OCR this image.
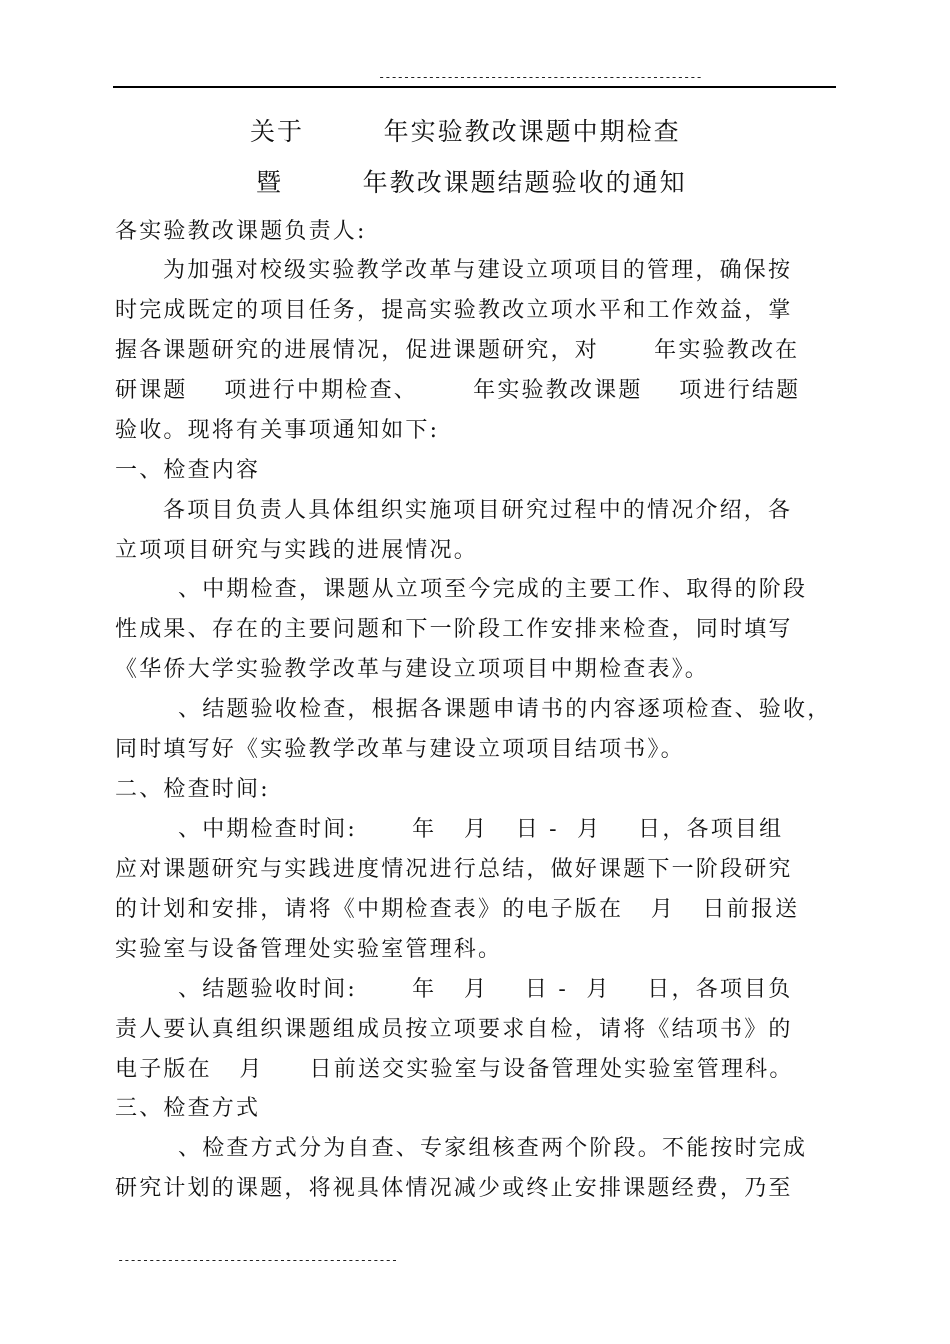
----------------------------------------------------
关于        年实验教改课题中期检查
暨        年教改课题结题验收的通知
各实验教改课题负责人:
为加强对校级实验教学改革与建设立项项目的管理，确保按
时完成既定的项目任务，提高实验教改立项水平和工作效益，掌
握各课题研究的进展情况，促进课题研究，对      年实验教改在
研课题    项进行中期检查、      年实验教改课题    项进行结题
验收。现将有关事项通知如下:
一、检查内容
各项目负责人具体组织实施项目研究过程中的情况介绍，各
立项项目研究与实践的进展情况。
、中期检查，课题从立项至今完成的主要工作、取得的阶段
性成果、存在的主要问题和下一阶段工作安排来检查，同时填写
《华侨大学实验教学改革与建设立项项目中期检查表》。
、结题验收检查，根据各课题申请书的内容逐项检查、验收，
同时填写好《实验教学改革与建设立项项目结项书》。
二、检查时间:
、中期检查时间:      年   月   日 -  月    日，各项目组
应对课题研究与实践进度情况进行总结，做好课题下一阶段研究
的计划和安排，请将《中期检查表》的电子版在   月   日前报送
实验室与设备管理处实验室管理科。
、结题验收时间:      年   月    日 -  月    日，各项目负
责人要认真组织课题组成员按立项要求自检，请将《结项书》的
电子版在   月     日前送交实验室与设备管理处实验室管理科。
三、检查方式
、检查方式分为自查、专家组核查两个阶段。不能按时完成
研究计划的课题，将视具体情况减少或终止安排课题经费，乃至
---------------------------------------------
